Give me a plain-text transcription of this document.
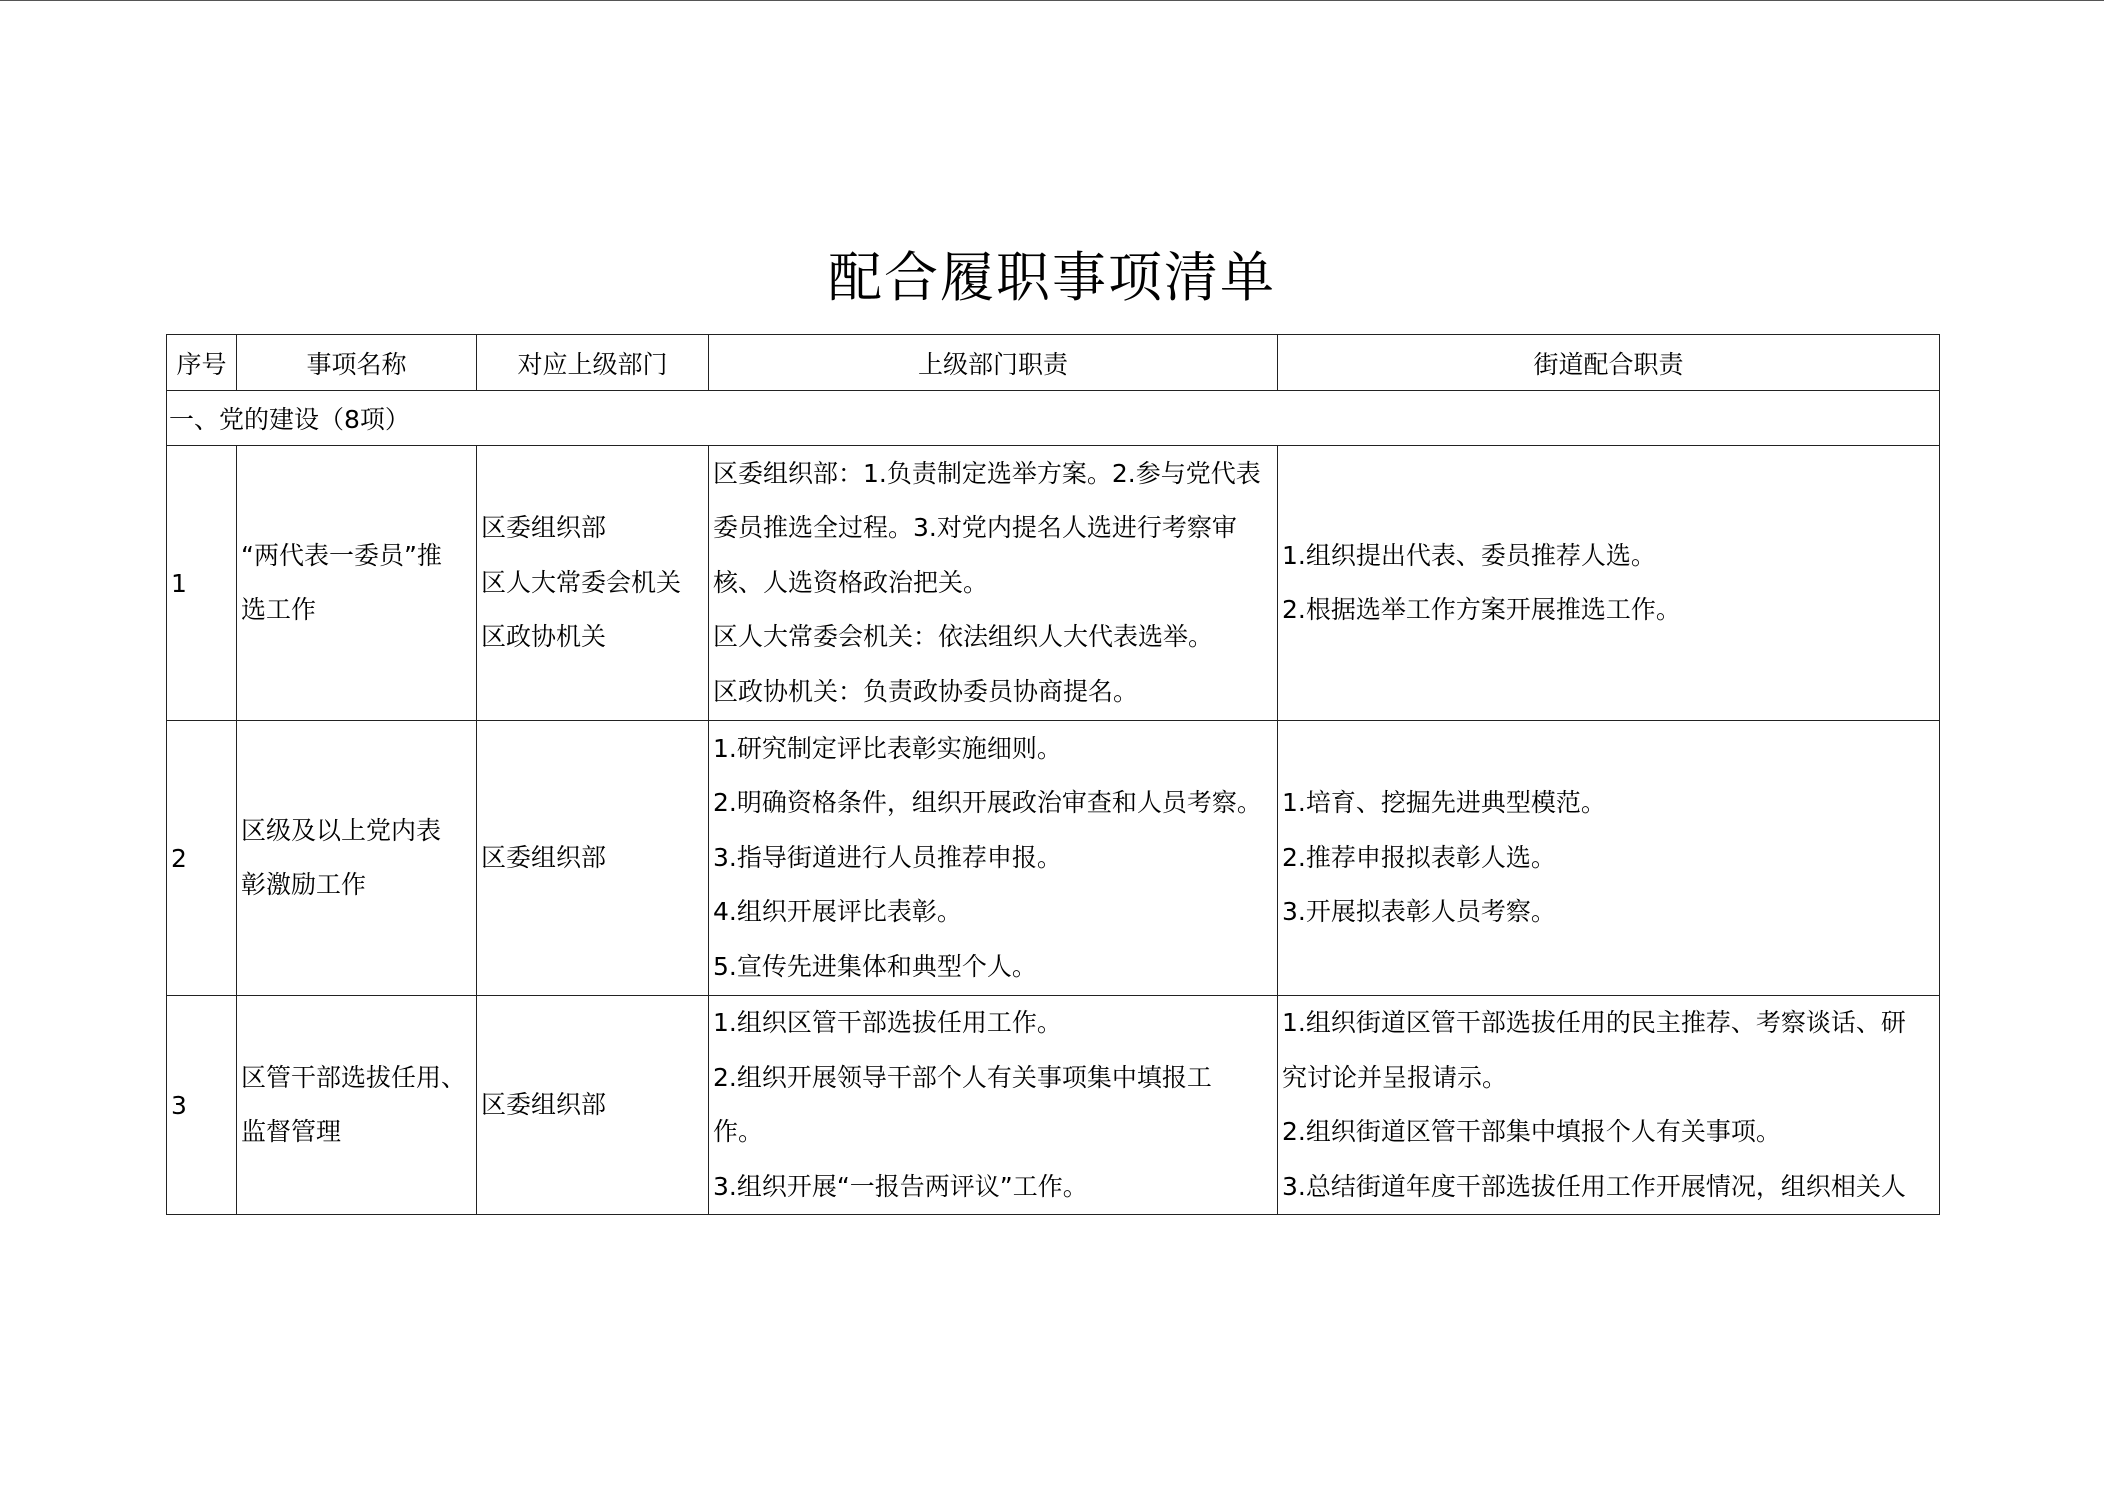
配合履职事项清单
序号	事项名称	对应上级部门	上级部门职责	街道配合职责
一、党的建设（8项）				
1	“两代表一委员”推
选工作	区委组织部
区人大常委会机关
区政协机关	区委组织部：1.负责制定选举方案。2.参与党代表
委员推选全过程。3.对党内提名人选进行考察审
核、人选资格政治把关。
区人大常委会机关：依法组织人大代表选举。
区政协机关：负责政协委员协商提名。	1.组织提出代表、委员推荐人选。
2.根据选举工作方案开展推选工作。

2	区级及以上党内表
彰激励工作	区委组织部	1.研究制定评比表彰实施细则。
2.明确资格条件，组织开展政治审查和人员考察。
3.指导街道进行人员推荐申报。
4.组织开展评比表彰。
5.宣传先进集体和典型个人。	1.培育、挖掘先进典型模范。
2.推荐申报拟表彰人选。
3.开展拟表彰人员考察。

3	区管干部选拔任用、
监督管理	区委组织部	1.组织区管干部选拔任用工作。
2.组织开展领导干部个人有关事项集中填报工
作。
3.组织开展“一报告两评议”工作。	1.组织街道区管干部选拔任用的民主推荐、考察谈话、研
究讨论并呈报请示。
2.组织街道区管干部集中填报个人有关事项。
3.总结街道年度干部选拔任用工作开展情况，组织相关人
